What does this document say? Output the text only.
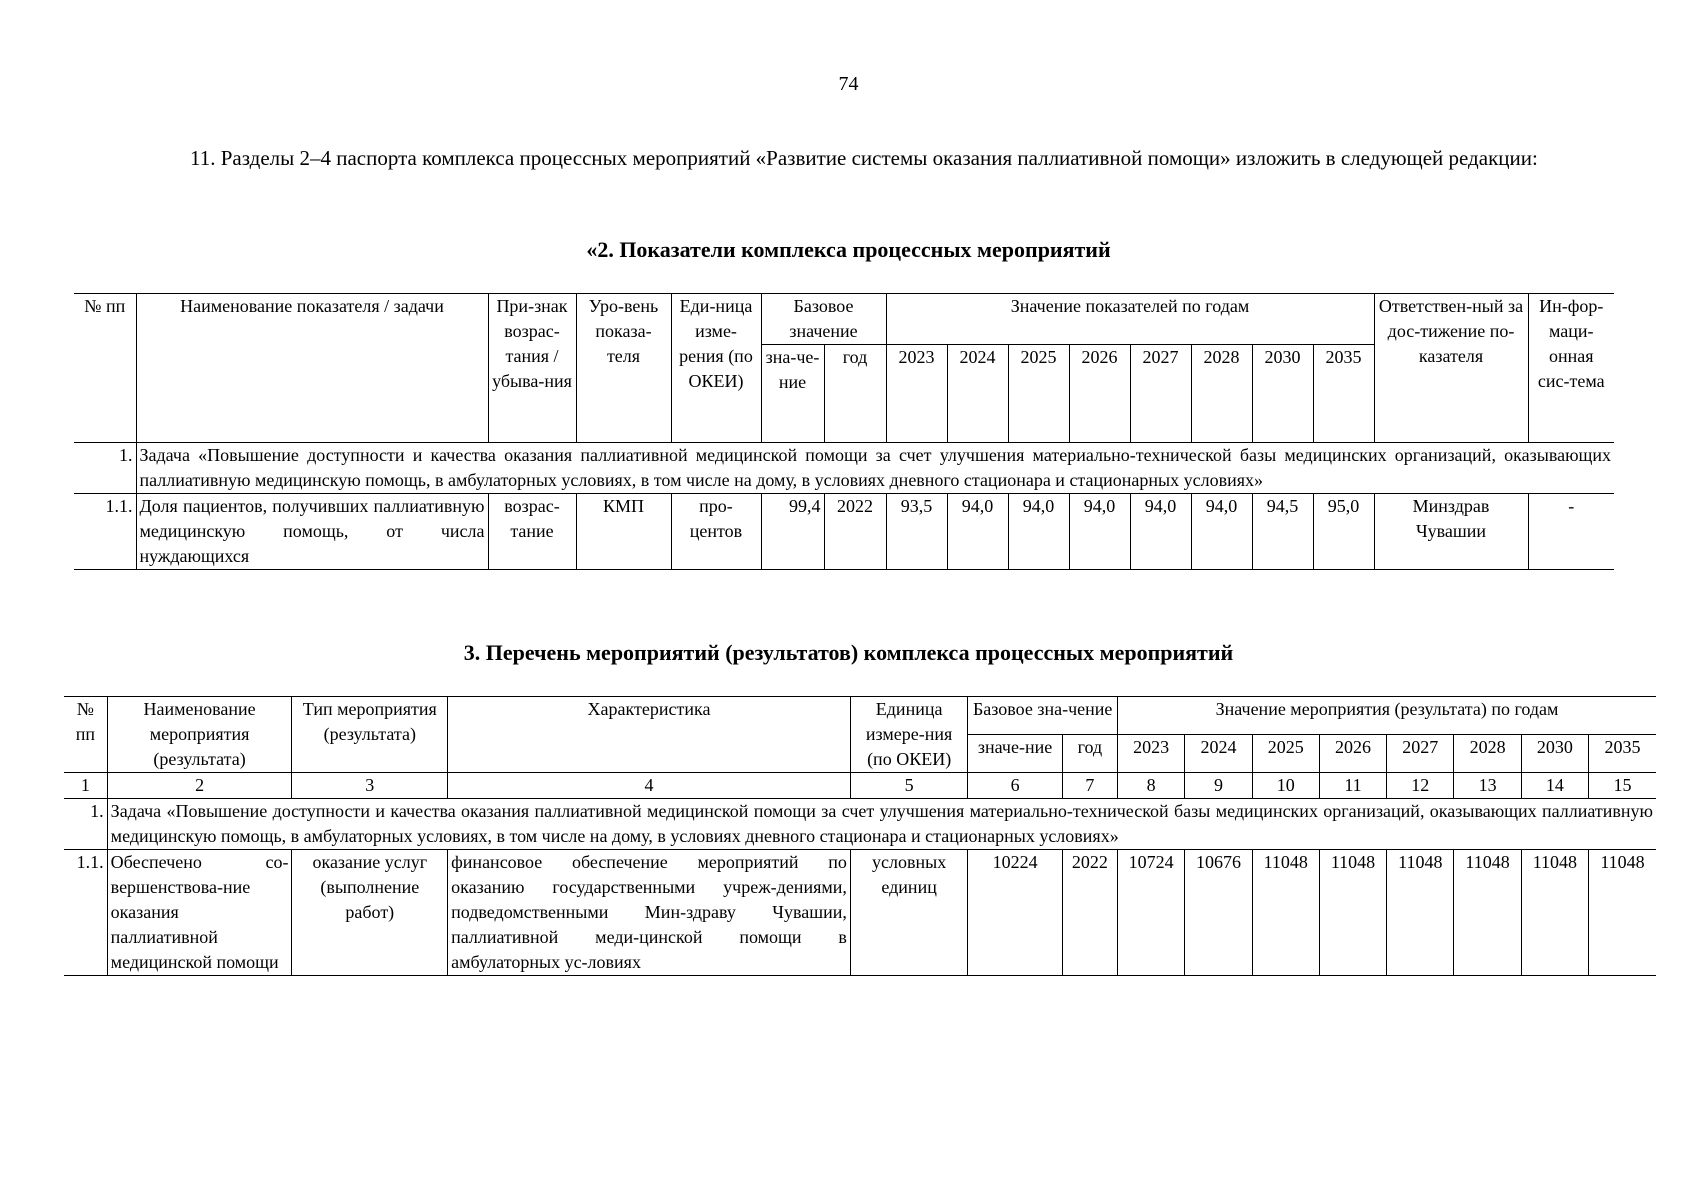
74
11. Разделы 2–4 паспорта комплекса процессных мероприятий «Развитие системы оказания паллиативной помощи» изложить в следующей редакции:
«2. Показатели комплекса процессных мероприятий
№ пп	Наименование показателя / задачи	При-знак возрас-тания / убыва-ния	Уро-вень показа-теля	Еди-ница изме-рения (по ОКЕИ)	Базовое значение		Значение показателей по годам								Ответствен-ный за дос-тижение по-казателя	Ин-фор-маци-онная сис-тема
					зна-че-ние	год	2023	2024	2025	2026	2027	2028	2030	2035		
1.	Задача «Повышение доступности и качества оказания паллиативной медицинской помощи за счет улучшения материально-технической базы медицинских организаций, оказывающих паллиативную медицинскую помощь, в амбулаторных условиях, в том числе на дому, в условиях дневного стационара и стационарных условиях»															
1.1.	Доля пациентов, получивших паллиативную медицинскую помощь, от числа нуждающихся	возрас-тание	КМП	про-центов	99,4	2022	93,5	94,0	94,0	94,0	94,0	94,0	94,5	95,0	Минздрав Чувашии	-
3. Перечень мероприятий (результатов) комплекса процессных мероприятий
№ пп	Наименование мероприятия (результата)	Тип мероприятия (результата)	Характеристика	Единица измере-ния (по ОКЕИ)	Базовое зна-чение		Значение мероприятия (результата) по годам							
					значе-ние	год	2023	2024	2025	2026	2027	2028	2030	2035
1	2	3	4	5	6	7	8	9	10	11	12	13	14	15
1.	Задача «Повышение доступности и качества оказания паллиативной медицинской помощи за счет улучшения материально-технической базы медицинских организаций, оказывающих паллиативную медицинскую помощь, в амбулаторных условиях, в том числе на дому, в условиях дневного стационара и стационарных условиях»													
1.1.	Обеспечено со-вершенствова-ние оказания паллиативной медицинской помощи	оказание услуг (выполнение работ)	финансовое обеспечение мероприятий по оказанию государственными учреж-дениями, подведомственными Мин-здраву Чувашии, паллиативной меди-цинской помощи в амбулаторных ус-ловиях	условных единиц	10224	2022	10724	10676	11048	11048	11048	11048	11048	11048
